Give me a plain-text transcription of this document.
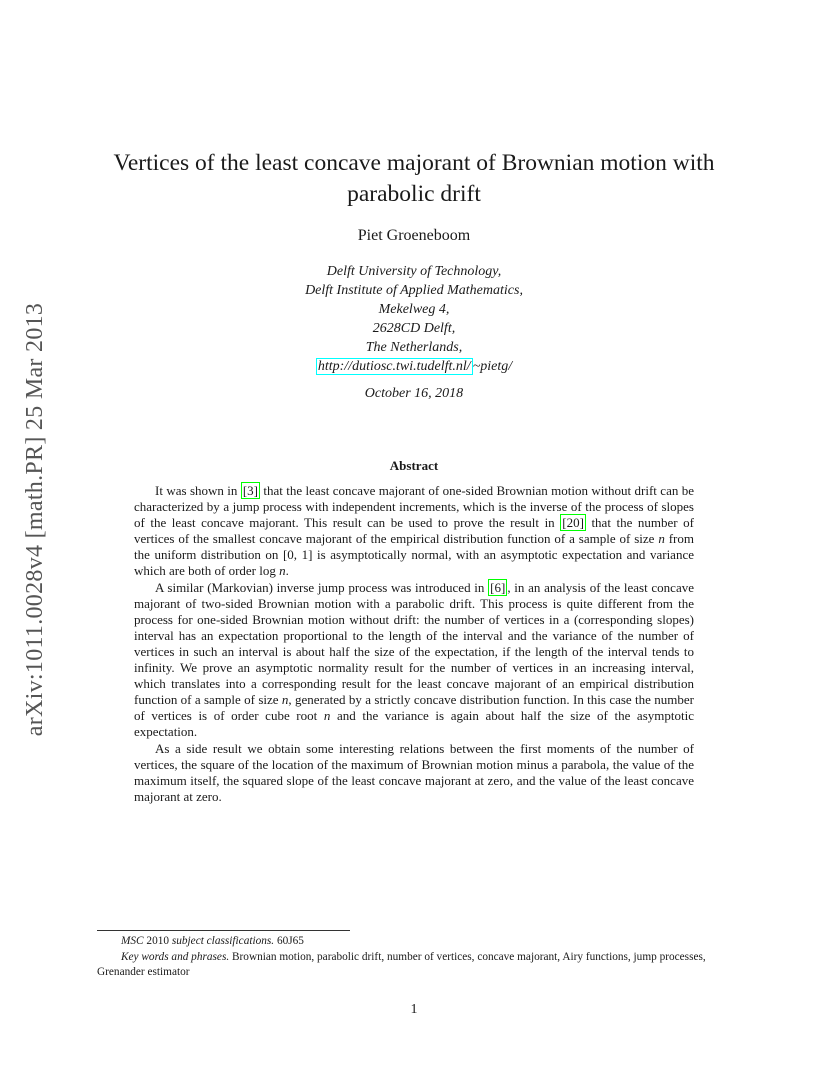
arXiv:1011.0028v4 [math.PR] 25 Mar 2013
Vertices of the least concave majorant of Brownian motion with
parabolic drift
Piet Groeneboom
Delft University of Technology,
Delft Institute of Applied Mathematics,
Mekelweg 4,
2628CD Delft,
The Netherlands,
http://dutiosc.twi.tudelft.nl/ ~pietg/
October 16, 2018
Abstract

It was shown in [3] that the least concave majorant of one-sided Brownian motion without drift can be characterized by a jump process with independent increments, which is the inverse of the process of slopes of the least concave majorant. This result can be used to prove the result in [20] that the number of vertices of the smallest concave majorant of the empirical distribution function of a sample of size n from the uniform distribution on [0, 1] is asymptotically normal, with an asymptotic expectation and variance which are both of order log n.

A similar (Markovian) inverse jump process was introduced in [6] , in an analysis of the least concave majorant of two-sided Brownian motion with a parabolic drift. This process is quite different from the process for one-sided Brownian motion without drift: the number of vertices in a (corresponding slopes) interval has an expectation proportional to the length of the interval and the variance of the number of vertices in such an interval is about half the size of the expectation, if the length of the interval tends to infinity. We prove an asymptotic normality result for the number of vertices in an increasing interval, which translates into a corresponding result for the least concave majorant of an empirical distribution function of a sample of size n, generated by a strictly concave distribution function. In this case the number of vertices is of order cube root n and the variance is again about half the size of the asymptotic expectation.

As a side result we obtain some interesting relations between the first moments of the number of vertices, the square of the location of the maximum of Brownian motion minus a parabola, the value of the maximum itself, the squared slope of the least concave majorant at zero, and the value of the least concave majorant at zero.

MSC 2010 subject classifications. 60J65
Key words and phrases. Brownian motion, parabolic drift, number of vertices, concave majorant, Airy functions, jump processes, Grenander estimator
1
